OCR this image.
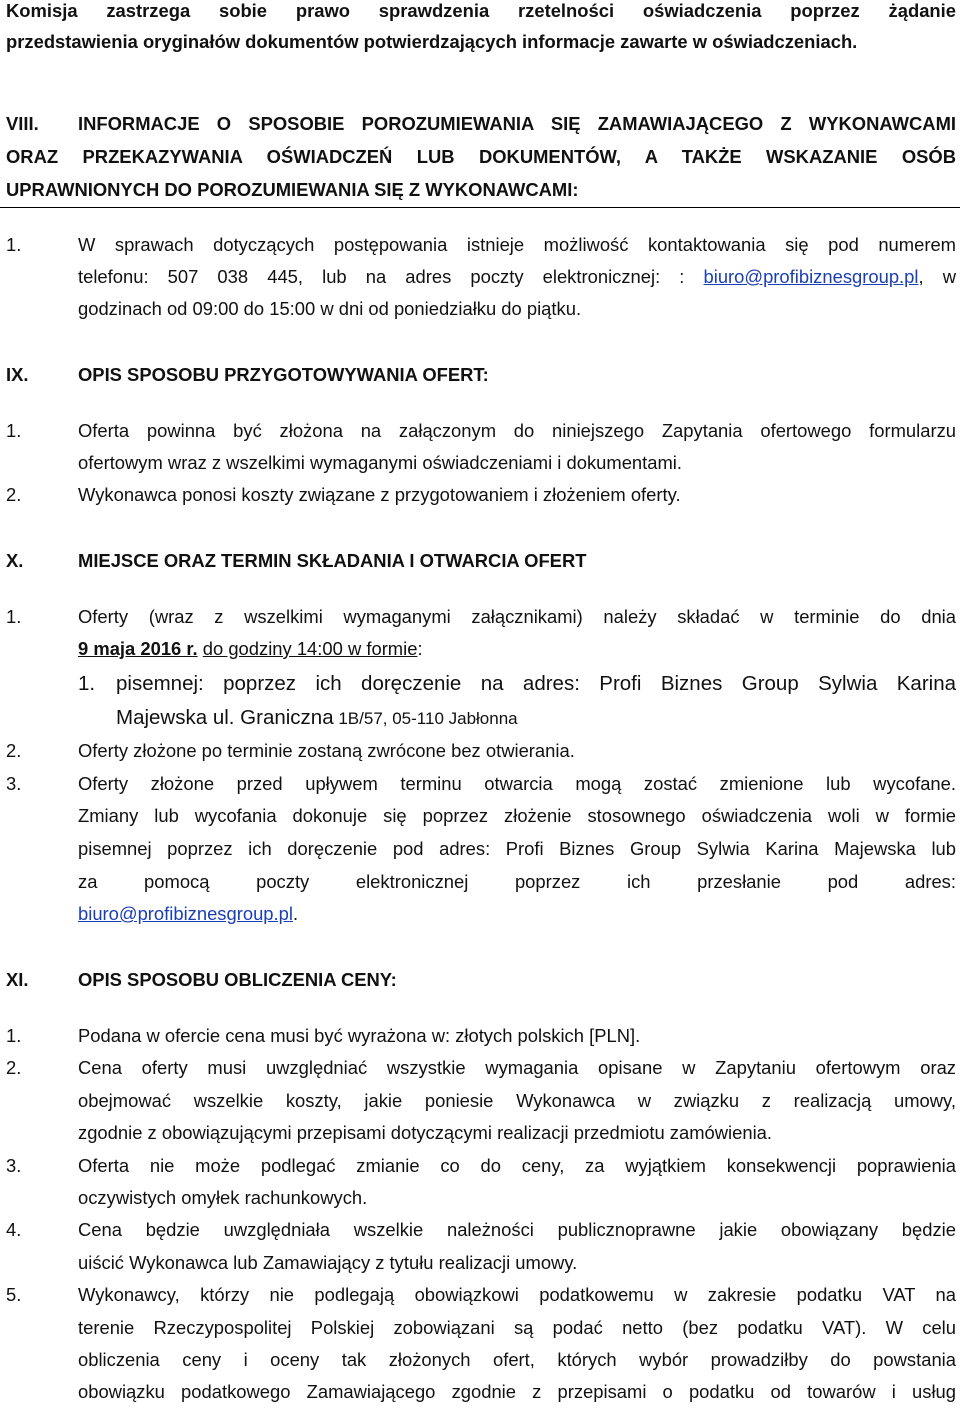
Komisja zastrzega sobie prawo sprawdzenia rzetelności oświadczenia poprzez żądanie
przedstawienia oryginałów dokumentów potwierdzających informacje zawarte w oświadczeniach.
VIII. INFORMACJE O SPOSOBIE POROZUMIEWANIA SIĘ ZAMAWIAJĄCEGO Z WYKONAWCAMI
ORAZ PRZEKAZYWANIA OŚWIADCZEŃ LUB DOKUMENTÓW, A TAKŻE WSKAZANIE OSÓB
UPRAWNIONYCH DO POROZUMIEWANIA SIĘ Z WYKONAWCAMI:
1.	W sprawach dotyczących postępowania istnieje możliwość kontaktowania się pod numerem
telefonu: 507 038 445, lub na adres poczty elektronicznej: : biuro@profibiznesgroup.pl, w
godzinach od 09:00 do 15:00 w dni od poniedziałku do piątku.
IX.	OPIS SPOSOBU PRZYGOTOWYWANIA OFERT:
1.	Oferta powinna być złożona na załączonym do niniejszego Zapytania ofertowego formularzu
ofertowym wraz z wszelkimi wymaganymi oświadczeniami i dokumentami.
2.	Wykonawca ponosi koszty związane z przygotowaniem i złożeniem oferty.
X.	MIEJSCE ORAZ TERMIN SKŁADANIA I OTWARCIA OFERT
1.	Oferty (wraz z wszelkimi wymaganymi załącznikami) należy składać w terminie do dnia
9 maja 2016 r. do godziny 14:00 w formie:
1. pisemnej: poprzez ich doręczenie na adres: Profi Biznes Group Sylwia Karina
Majewska ul. Graniczna 1B/57, 05-110 Jabłonna
2.	Oferty złożone po terminie zostaną zwrócone bez otwierania.
3.	Oferty złożone przed upływem terminu otwarcia mogą zostać zmienione lub wycofane.
Zmiany lub wycofania dokonuje się poprzez złożenie stosownego oświadczenia woli w formie
pisemnej poprzez ich doręczenie pod adres: Profi Biznes Group Sylwia Karina Majewska lub
za pomocą poczty elektronicznej poprzez ich przesłanie pod adres:
biuro@profibiznesgroup.pl.
XI.	OPIS SPOSOBU OBLICZENIA CENY:
1.	Podana w ofercie cena musi być wyrażona w: złotych polskich [PLN].
2.	Cena oferty musi uwzględniać wszystkie wymagania opisane w Zapytaniu ofertowym oraz
obejmować wszelkie koszty, jakie poniesie Wykonawca w związku z realizacją umowy,
zgodnie z obowiązującymi przepisami dotyczącymi realizacji przedmiotu zamówienia.
3.	Oferta nie może podlegać zmianie co do ceny, za wyjątkiem konsekwencji poprawienia
oczywistych omyłek rachunkowych.
4.	Cena będzie uwzględniała wszelkie należności publicznoprawne jakie obowiązany będzie
uiścić Wykonawca lub Zamawiający z tytułu realizacji umowy.
5.	Wykonawcy, którzy nie podlegają obowiązkowi podatkowemu w zakresie podatku VAT na
terenie Rzeczypospolitej Polskiej zobowiązani są podać netto (bez podatku VAT). W celu
obliczenia ceny i oceny tak złożonych ofert, których wybór prowadziłby do powstania
obowiązku podatkowego Zamawiającego zgodnie z przepisami o podatku od towarów i usług
